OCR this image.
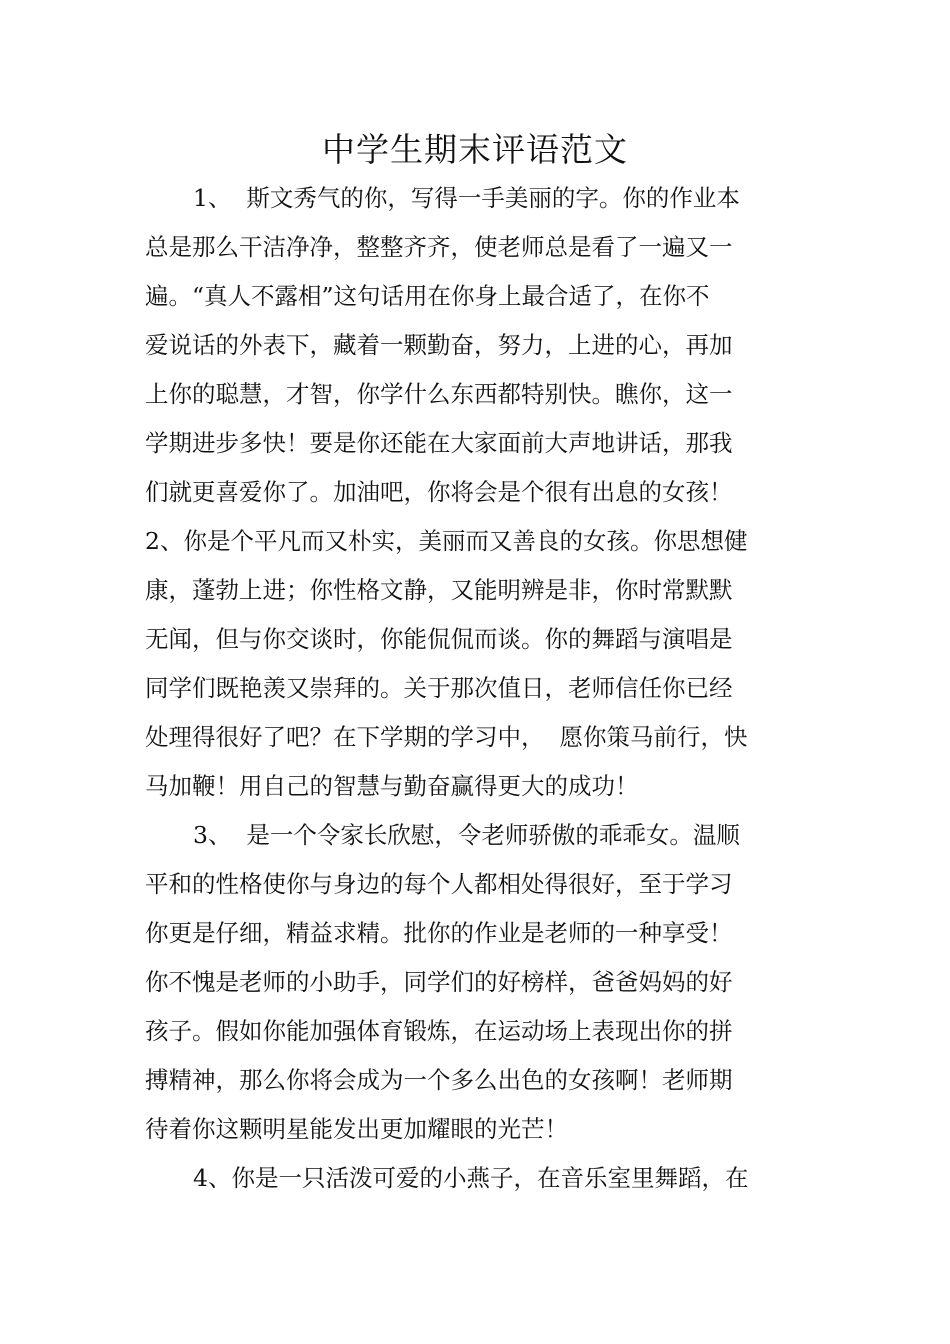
中学生期末评语范文
1、  斯文秀气的你，写得一手美丽的字。你的作业本
总是那么干洁净净，整整齐齐，使老师总是看了一遍又一
遍。“真人不露相”这句话用在你身上最合适了，在你不
爱说话的外表下，藏着一颗勤奋，努力，上进的心，再加
上你的聪慧，才智，你学什么东西都特别快。瞧你，这一
学期进步多快！要是你还能在大家面前大声地讲话，那我
们就更喜爱你了。加油吧，你将会是个很有出息的女孩！
2、你是个平凡而又朴实，美丽而又善良的女孩。你思想健
康，蓬勃上进；你性格文静，又能明辨是非，你时常默默
无闻，但与你交谈时，你能侃侃而谈。你的舞蹈与演唱是
同学们既艳羡又崇拜的。关于那次值日，老师信任你已经
处理得很好了吧？在下学期的学习中，  愿你策马前行，快
马加鞭！用自己的智慧与勤奋赢得更大的成功！
3、  是一个令家长欣慰，令老师骄傲的乖乖女。温顺
平和的性格使你与身边的每个人都相处得很好，至于学习
你更是仔细，精益求精。批你的作业是老师的一种享受！
你不愧是老师的小助手，同学们的好榜样，爸爸妈妈的好
孩子。假如你能加强体育锻炼，在运动场上表现出你的拼
搏精神，那么你将会成为一个多么出色的女孩啊！老师期
待着你这颗明星能发出更加耀眼的光芒！
4、你是一只活泼可爱的小燕子，在音乐室里舞蹈，在
